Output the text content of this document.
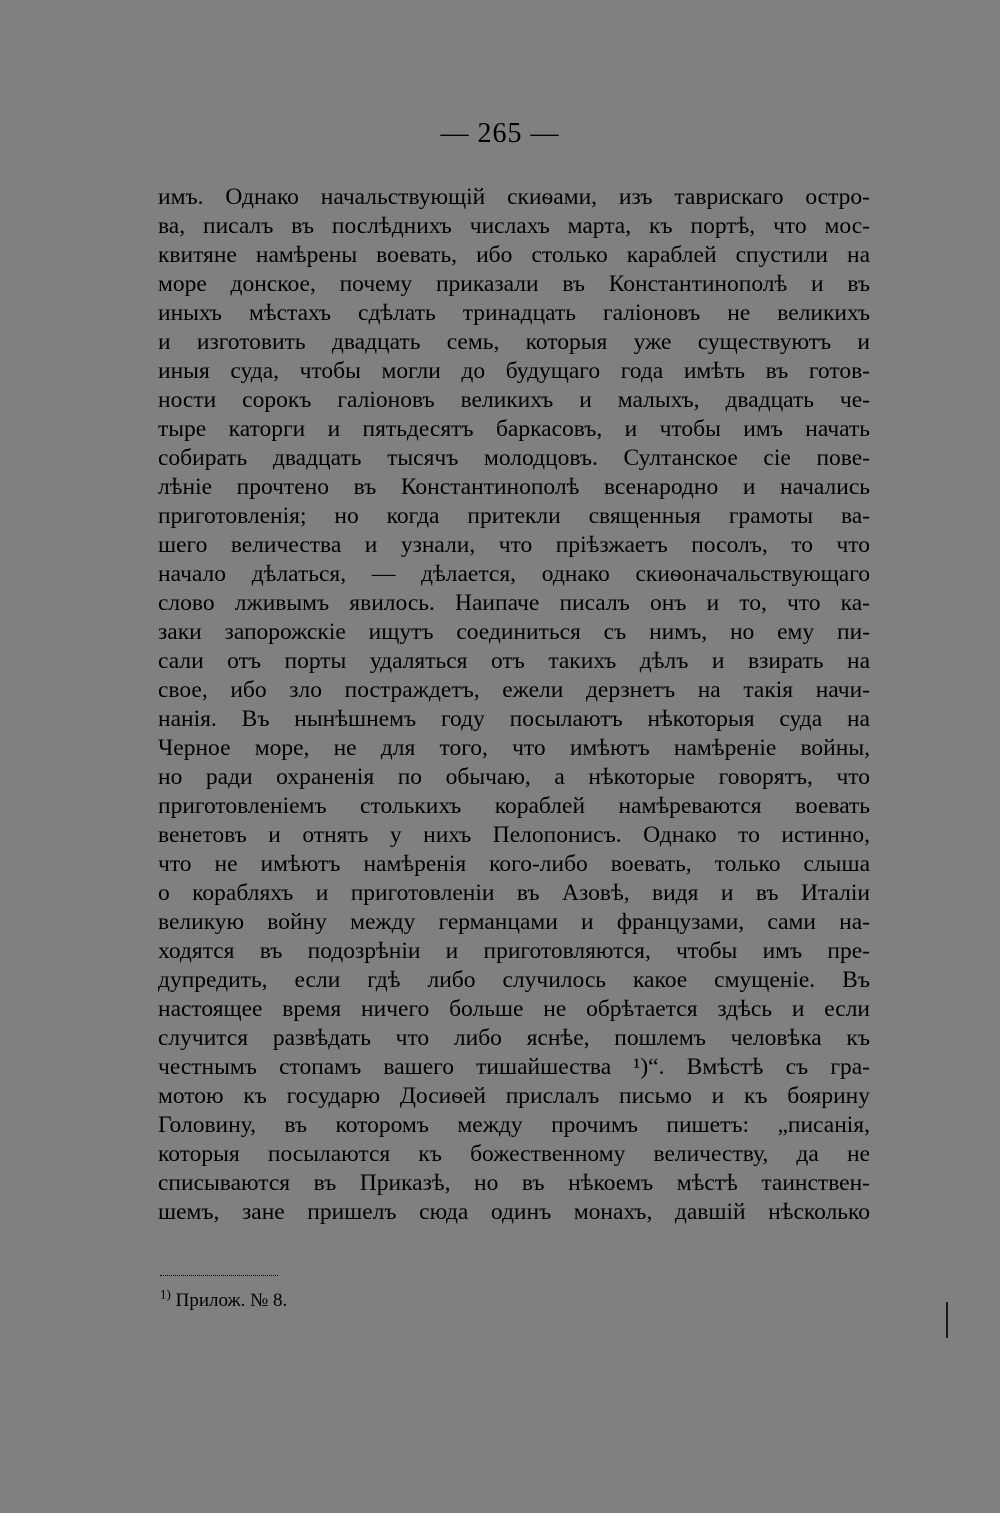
— 265 —
имъ. Однако начальствующій скиѳами, изъ таврискаго остро-
ва, писалъ въ послѣднихъ числахъ марта, къ портѣ, что мос-
квитяне намѣрены воевать, ибо столько караблей спустили на
море донское, почему приказали въ Константинополѣ и въ
иныхъ мѣстахъ сдѣлать тринадцать галіоновъ не великихъ
и изготовить двадцать семь, которыя уже существуютъ и
иныя суда, чтобы могли до будущаго года имѣть въ готов-
ности сорокъ галіоновъ великихъ и малыхъ, двадцать че-
тыре каторги и пятьдесятъ баркасовъ, и чтобы имъ начать
собирать двадцать тысячъ молодцовъ. Султанское сіе пове-
лѣніе прочтено въ Константинополѣ всенародно и начались
приготовленія; но когда притекли священныя грамоты ва-
шего величества и узнали, что пріѣзжаетъ посолъ, то что
начало дѣлаться, — дѣлается, однако скиѳоначальствующаго
слово лживымъ явилось. Наипаче писалъ онъ и то, что ка-
заки запорожскіе ищутъ соединиться съ нимъ, но ему пи-
сали отъ порты удаляться отъ такихъ дѣлъ и взирать на
свое, ибо зло постраждетъ, ежели дерзнетъ на такія начи-
нанія. Въ нынѣшнемъ году посылаютъ нѣкоторыя суда на
Черное море, не для того, что имѣютъ намѣреніе войны,
но ради охраненія по обычаю, а нѣкоторые говорятъ, что
приготовленіемъ столькихъ кораблей намѣреваются воевать
венетовъ и отнять у нихъ Пелопонисъ. Однако то истинно,
что не имѣютъ намѣренія кого-либо воевать, только слыша
о корабляхъ и приготовленіи въ Азовѣ, видя и въ Италіи
великую войну между германцами и французами, сами на-
ходятся въ подозрѣніи и приготовляются, чтобы имъ пре-
дупредить, если гдѣ либо случилось какое смущеніе. Въ
настоящее время ничего больше не обрѣтается здѣсь и если
случится развѣдать что либо яснѣе, пошлемъ человѣка къ
честнымъ стопамъ вашего тишайшества ¹)“. Вмѣстѣ съ гра-
мотою къ государю Досиѳей прислалъ письмо и къ боярину
Головину, въ которомъ между прочимъ пишетъ: „писанія,
которыя посылаются къ божественному величеству, да не
списываются въ Приказѣ, но въ нѣкоемъ мѣстѣ таинствен-
шемъ, зане пришелъ сюда одинъ монахъ, давшій нѣсколько
$^{1)}$ Прилож. № 8.
